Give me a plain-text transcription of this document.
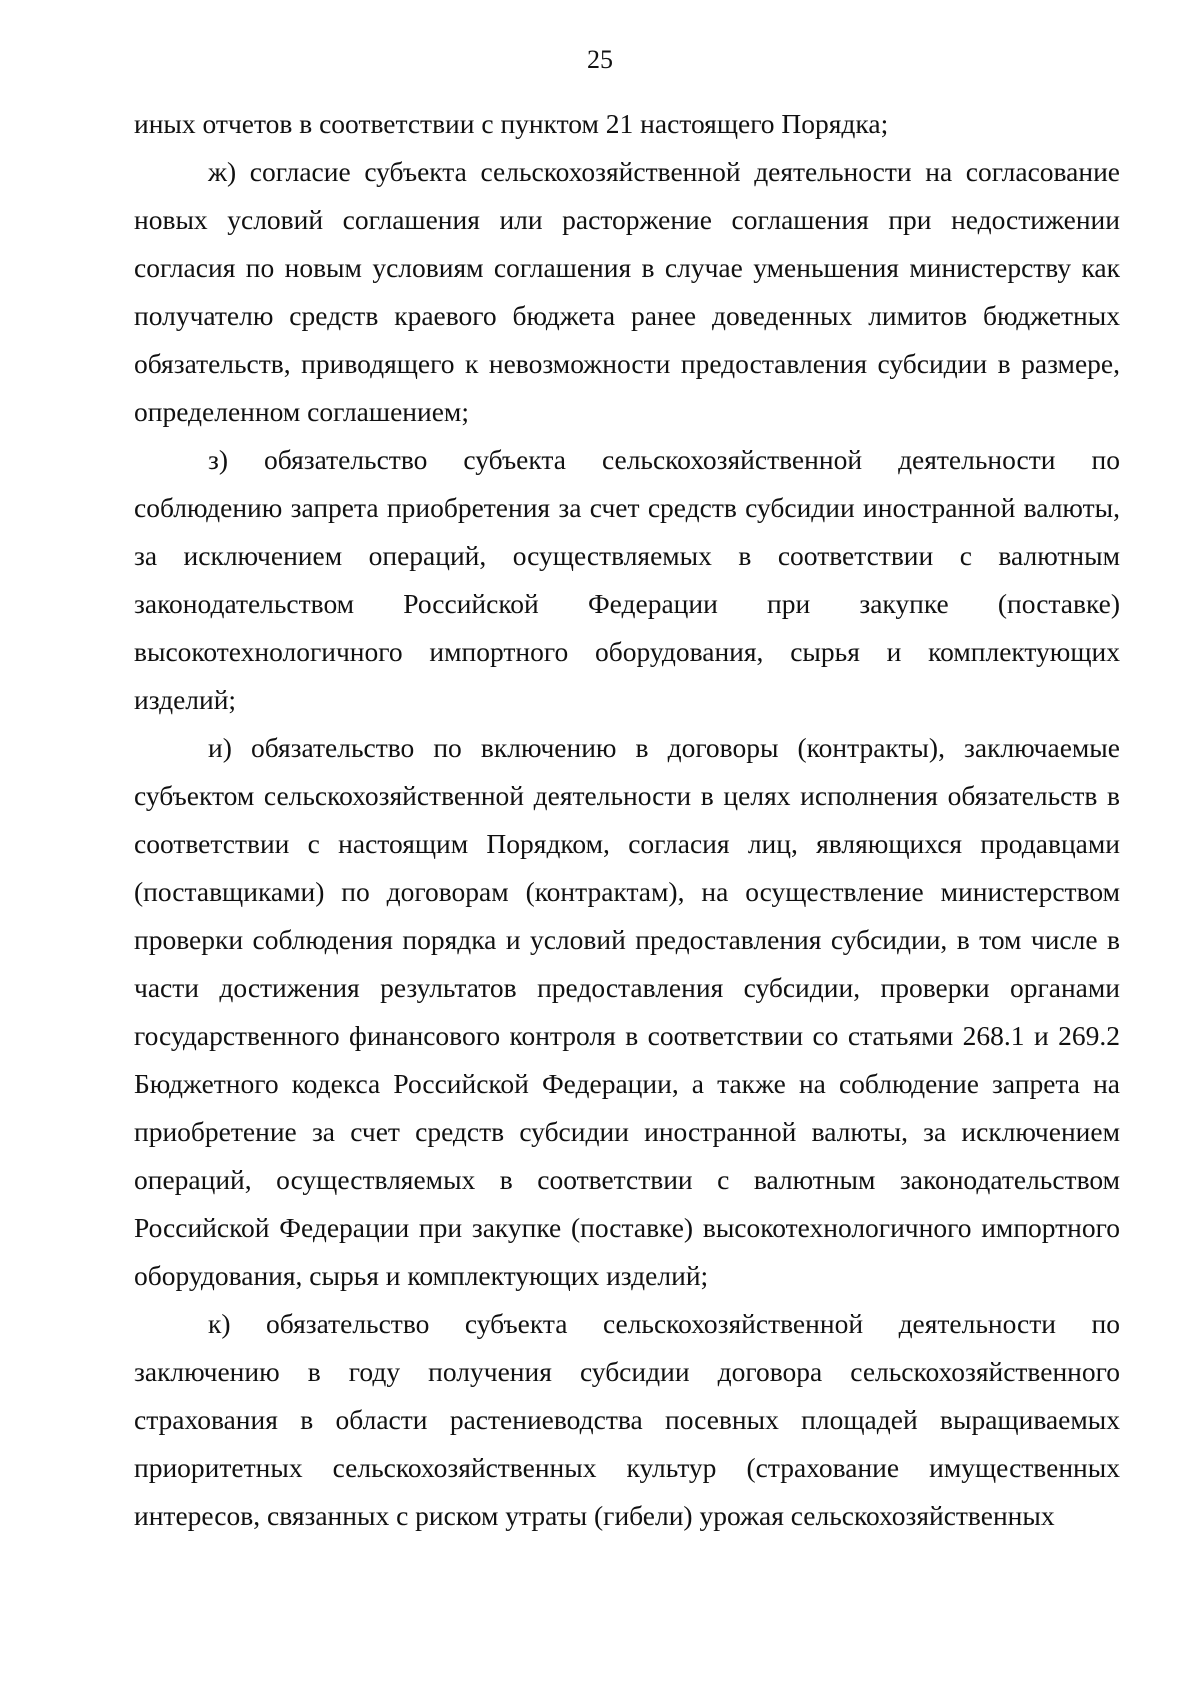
25

иных отчетов в соответствии с пунктом 21 настоящего Порядка;

ж) согласие субъекта сельскохозяйственной деятельности на согласование новых условий соглашения или расторжение соглашения при недостижении согласия по новым условиям соглашения в случае уменьшения министерству как получателю средств краевого бюджета ранее доведенных лимитов бюджетных обязательств, приводящего к невозможности предоставления субсидии в размере, определенном соглашением;

з) обязательство субъекта сельскохозяйственной деятельности по соблюдению запрета приобретения за счет средств субсидии иностранной валюты, за исключением операций, осуществляемых в соответствии с валютным законодательством Российской Федерации при закупке (поставке) высокотехнологичного импортного оборудования, сырья и комплектующих изделий;

и) обязательство по включению в договоры (контракты), заключаемые субъектом сельскохозяйственной деятельности в целях исполнения обязательств в соответствии с настоящим Порядком, согласия лиц, являющихся продавцами (поставщиками) по договорам (контрактам), на осуществление министерством проверки соблюдения порядка и условий предоставления субсидии, в том числе в части достижения результатов предоставления субсидии, проверки органами государственного финансового контроля в соответствии со статьями 268.1 и 269.2 Бюджетного кодекса Российской Федерации, а также на соблюдение запрета на приобретение за счет средств субсидии иностранной валюты, за исключением операций, осуществляемых в соответствии с валютным законодательством Российской Федерации при закупке (поставке) высокотехнологичного импортного оборудования, сырья и комплектующих изделий;

к) обязательство субъекта сельскохозяйственной деятельности по заключению в году получения субсидии договора сельскохозяйственного страхования в области растениеводства посевных площадей выращиваемых приоритетных сельскохозяйственных культур (страхование имущественных интересов, связанных с риском утраты (гибели) урожая сельскохозяйственных
